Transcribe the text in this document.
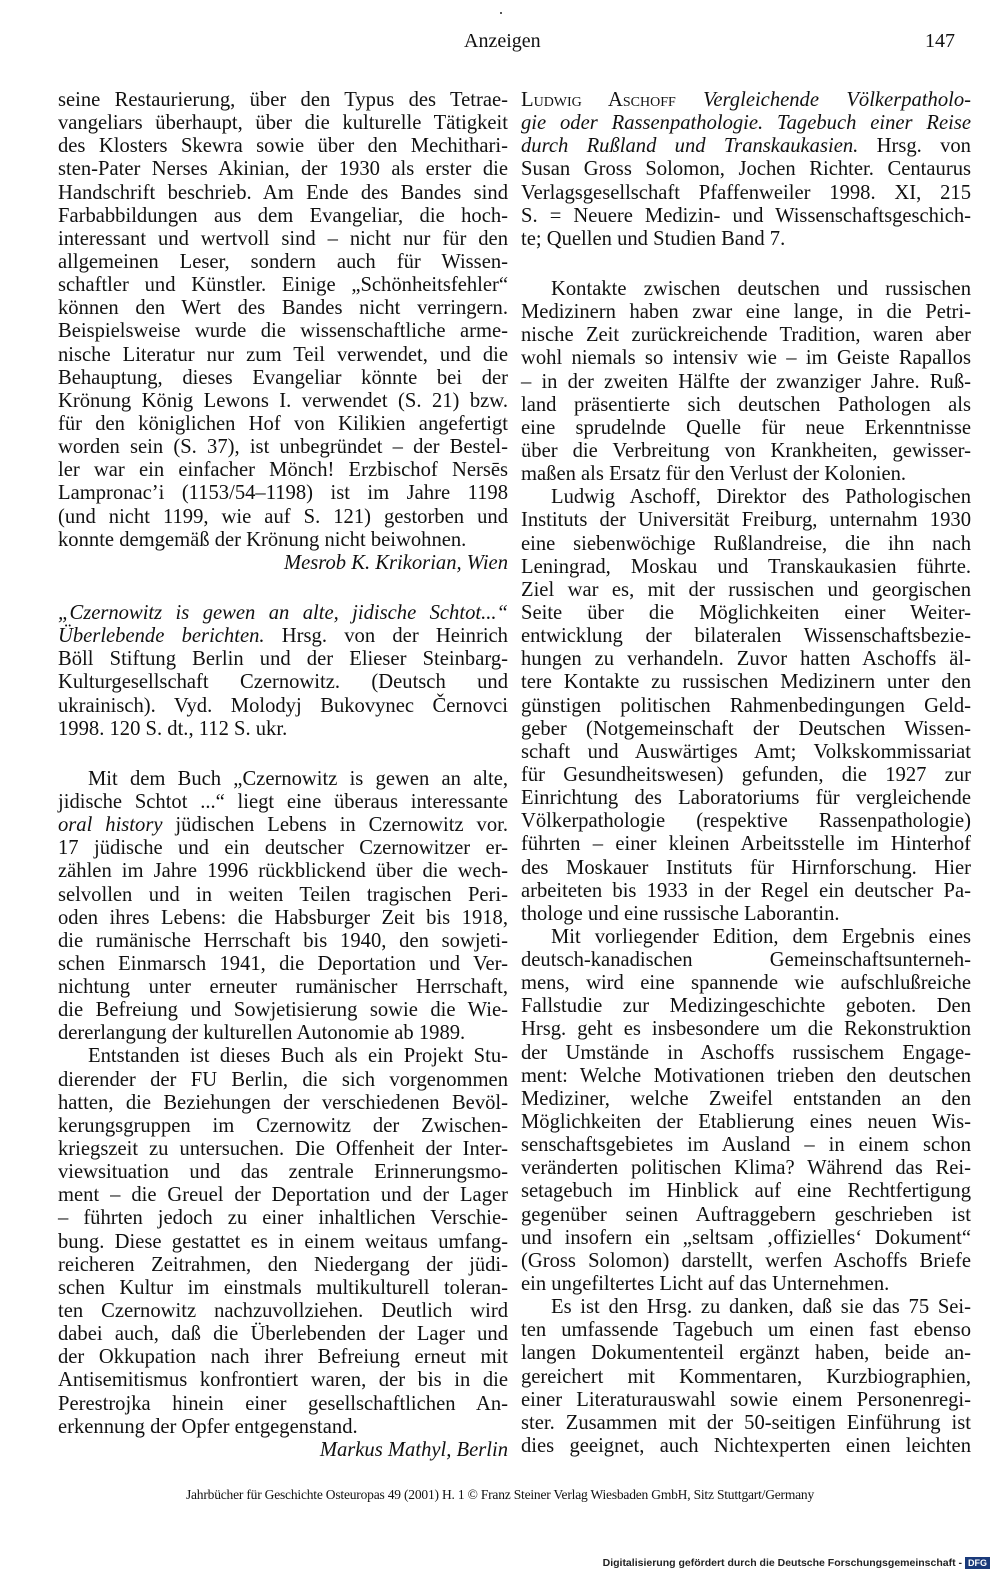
Anzeigen	147
seine Restaurierung, über den Typus des Tetrae-
vangeliars überhaupt, über die kulturelle Tätigkeit
des Klosters Skewra sowie über den Mechithari-
sten-Pater Nerses Akinian, der 1930 als erster die
Handschrift beschrieb. Am Ende des Bandes sind
Farbabbildungen aus dem Evangeliar, die hoch-
interessant und wertvoll sind – nicht nur für den
allgemeinen Leser, sondern auch für Wissen-
schaftler und Künstler. Einige „Schönheitsfehler“
können den Wert des Bandes nicht verringern.
Beispielsweise wurde die wissenschaftliche arme-
nische Literatur nur zum Teil verwendet, und die
Behauptung, dieses Evangeliar könnte bei der
Krönung König Lewons I. verwendet (S. 21) bzw.
für den königlichen Hof von Kilikien angefertigt
worden sein (S. 37), ist unbegründet – der Bestel-
ler war ein einfacher Mönch! Erzbischof Nersēs
Lampronac’i (1153/54–1198) ist im Jahre 1198
(und nicht 1199, wie auf S. 121) gestorben und
konnte demgemäß der Krönung nicht beiwohnen.
Mesrob K. Krikorian, Wien
„Czernowitz is gewen an alte, jidische Schtot...“
Überlebende berichten. Hrsg. von der Heinrich
Böll Stiftung Berlin und der Elieser Steinbarg-
Kulturgesellschaft Czernowitz. (Deutsch und
ukrainisch). Vyd. Molodyj Bukovynec Černovci
1998. 120 S. dt., 112 S. ukr.
Mit dem Buch „Czernowitz is gewen an alte,
jidische Schtot ...“ liegt eine überaus interessante
oral history jüdischen Lebens in Czernowitz vor.
17 jüdische und ein deutscher Czernowitzer er-
zählen im Jahre 1996 rückblickend über die wech-
selvollen und in weiten Teilen tragischen Peri-
oden ihres Lebens: die Habsburger Zeit bis 1918,
die rumänische Herrschaft bis 1940, den sowjeti-
schen Einmarsch 1941, die Deportation und Ver-
nichtung unter erneuter rumänischer Herrschaft,
die Befreiung und Sowjetisierung sowie die Wie-
dererlangung der kulturellen Autonomie ab 1989.
Entstanden ist dieses Buch als ein Projekt Stu-
dierender der FU Berlin, die sich vorgenommen
hatten, die Beziehungen der verschiedenen Bevöl-
kerungsgruppen im Czernowitz der Zwischen-
kriegszeit zu untersuchen. Die Offenheit der Inter-
viewsituation und das zentrale Erinnerungsmo-
ment – die Greuel der Deportation und der Lager
– führten jedoch zu einer inhaltlichen Verschie-
bung. Diese gestattet es in einem weitaus umfang-
reicheren Zeitrahmen, den Niedergang der jüdi-
schen Kultur im einstmals multikulturell toleran-
ten Czernowitz nachzuvollziehen. Deutlich wird
dabei auch, daß die Überlebenden der Lager und
der Okkupation nach ihrer Befreiung erneut mit
Antisemitismus konfrontiert waren, der bis in die
Perestrojka hinein einer gesellschaftlichen An-
erkennung der Opfer entgegenstand.
Markus Mathyl, Berlin
Ludwig Aschoff Vergleichende Völkerpatholo-
gie oder Rassenpathologie. Tagebuch einer Reise
durch Rußland und Transkaukasien. Hrsg. von
Susan Gross Solomon, Jochen Richter. Centaurus
Verlagsgesellschaft Pfaffenweiler 1998. XI, 215
S. = Neuere Medizin- und Wissenschaftsgeschich-
te; Quellen und Studien Band 7.
Kontakte zwischen deutschen und russischen
Medizinern haben zwar eine lange, in die Petri-
nische Zeit zurückreichende Tradition, waren aber
wohl niemals so intensiv wie – im Geiste Rapallos
– in der zweiten Hälfte der zwanziger Jahre. Ruß-
land präsentierte sich deutschen Pathologen als
eine sprudelnde Quelle für neue Erkenntnisse
über die Verbreitung von Krankheiten, gewisser-
maßen als Ersatz für den Verlust der Kolonien.
Ludwig Aschoff, Direktor des Pathologischen
Instituts der Universität Freiburg, unternahm 1930
eine siebenwöchige Rußlandreise, die ihn nach
Leningrad, Moskau und Transkaukasien führte.
Ziel war es, mit der russischen und georgischen
Seite über die Möglichkeiten einer Weiter-
entwicklung der bilateralen Wissenschaftsbezie-
hungen zu verhandeln. Zuvor hatten Aschoffs äl-
tere Kontakte zu russischen Medizinern unter den
günstigen politischen Rahmenbedingungen Geld-
geber (Notgemeinschaft der Deutschen Wissen-
schaft und Auswärtiges Amt; Volkskommissariat
für Gesundheitswesen) gefunden, die 1927 zur
Einrichtung des Laboratoriums für vergleichende
Völkerpathologie (respektive Rassenpathologie)
führten – einer kleinen Arbeitsstelle im Hinterhof
des Moskauer Instituts für Hirnforschung. Hier
arbeiteten bis 1933 in der Regel ein deutscher Pa-
thologe und eine russische Laborantin.
Mit vorliegender Edition, dem Ergebnis eines
deutsch-kanadischen Gemeinschaftsunterneh-
mens, wird eine spannende wie aufschlußreiche
Fallstudie zur Medizingeschichte geboten. Den
Hrsg. geht es insbesondere um die Rekonstruktion
der Umstände in Aschoffs russischem Engage-
ment: Welche Motivationen trieben den deutschen
Mediziner, welche Zweifel entstanden an den
Möglichkeiten der Etablierung eines neuen Wis-
senschaftsgebietes im Ausland – in einem schon
veränderten politischen Klima? Während das Rei-
setagebuch im Hinblick auf eine Rechtfertigung
gegenüber seinen Auftraggebern geschrieben ist
und insofern ein „seltsam ‚offizielles‘ Dokument“
(Gross Solomon) darstellt, werfen Aschoffs Briefe
ein ungefiltertes Licht auf das Unternehmen.
Es ist den Hrsg. zu danken, daß sie das 75 Sei-
ten umfassende Tagebuch um einen fast ebenso
langen Dokumententeil ergänzt haben, beide an-
gereichert mit Kommentaren, Kurzbiographien,
einer Literaturauswahl sowie einem Personenregi-
ster. Zusammen mit der 50-seitigen Einführung ist
dies geeignet, auch Nichtexperten einen leichten
Jahrbücher für Geschichte Osteuropas 49 (2001) H. 1 © Franz Steiner Verlag Wiesbaden GmbH, Sitz Stuttgart/Germany
Digitalisierung gefördert durch die Deutsche Forschungsgemeinschaft - DFG
